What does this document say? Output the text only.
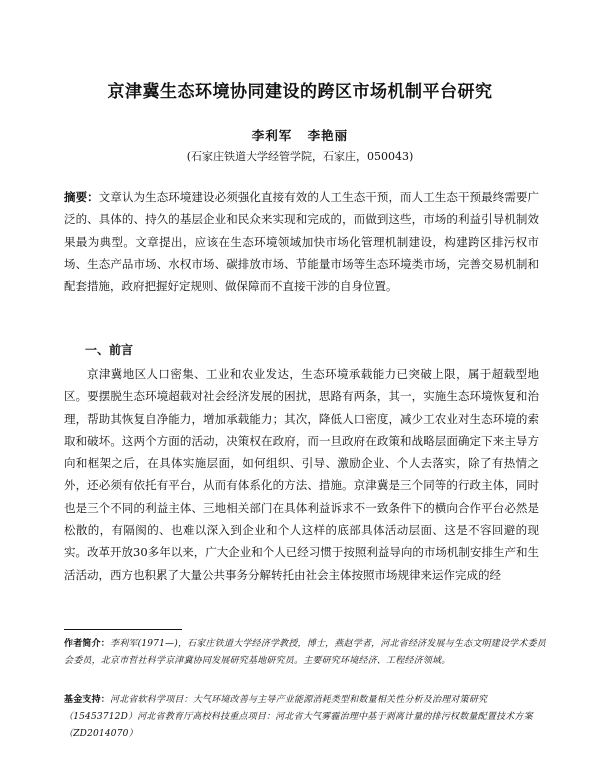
京津冀生态环境协同建设的跨区市场机制平台研究
李利军 李艳丽
(石家庄铁道大学经管学院，石家庄，050043)
摘要：文章认为生态环境建设必须强化直接有效的人工生态干预，而人工生态干预最终需要广泛的、具体的、持久的基层企业和民众来实现和完成的，而做到这些，市场的利益引导机制效果最为典型。文章提出，应该在生态环境领域加快市场化管理机制建设，构建跨区排污权市场、生态产品市场、水权市场、碳排放市场、节能量市场等生态环境类市场，完善交易机制和配套措施，政府把握好定规则、做保障而不直接干涉的自身位置。
一、前言
京津冀地区人口密集、工业和农业发达，生态环境承载能力已突破上限，属于超载型地区。要摆脱生态环境超载对社会经济发展的困扰，思路有两条，其一，实施生态环境恢复和治理，帮助其恢复自净能力，增加承载能力；其次，降低人口密度，减少工农业对生态环境的索取和破坏。这两个方面的活动，决策权在政府，而一旦政府在政策和战略层面确定下来主导方向和框架之后，在具体实施层面，如何组织、引导、激励企业、个人去落实，除了有热情之外，还必须有依托有平台，从而有体系化的方法、措施。京津冀是三个同等的行政主体，同时也是三个不同的利益主体、三地相关部门在具体利益诉求不一致条件下的横向合作平台必然是松散的，有隔阂的、也难以深入到企业和个人这样的底部具体活动层面、这是不容回避的现实。改革开放30多年以来，广大企业和个人已经习惯于按照利益导向的市场机制安排生产和生活活动，西方也积累了大量公共事务分解转托由社会主体按照市场规律来运作完成的经
作者简介：李利军(1971—)，石家庄铁道大学经济学教授，博士，燕赵学者，河北省经济发展与生态文明建设学术委员会委员，北京市哲社科学京津冀协同发展研究基地研究员。主要研究环境经济、工程经济领域。
基金支持：河北省软科学项目：大气环境改善与主导产业能源消耗类型和数量相关性分析及治理对策研究（15453712D）河北省教育厅高校科技重点项目：河北省大气雾霾治理中基于剥离计量的排污权数量配置技术方案（ZD2014070）
